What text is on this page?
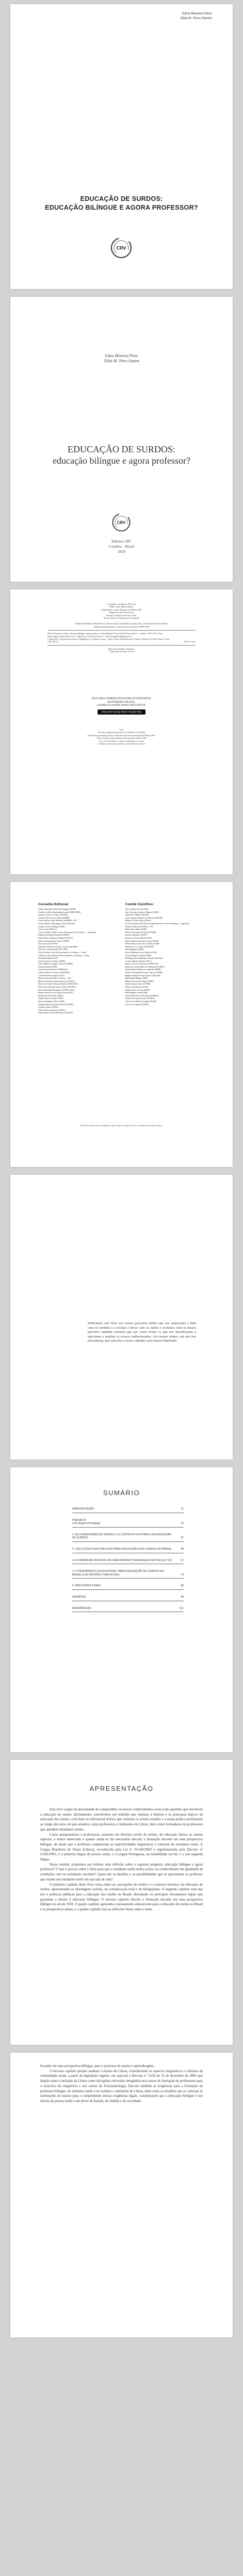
Edna Misseno Pires
Zilda M. Pires Santos
EDUCAÇÃO DE SURDOS:
EDUCAÇÃO BILÍNGUE E AGORA PROFESSOR?
CRV
Edna Misseno Pires
Zilda M. Pires Santos
EDUCAÇÃO DE SURDOS:
educação bilíngue e agora professor?
CRV
Editora CRV
Curitiba – Brasil
2019
Copyright © da Editora CRV Ltda.
Editor-chefe: Railson Moura
Diagramação e Capa: Designers da Editora CRV
Imagem da capa: Freepik.com
Revisão: Analista de Escrita e Artes
Revisão (Cap. 5): Adriana Lins de Andrade
DADOS INTERNACIONAIS DE CATALOGAÇÃO NA PUBLICAÇÃO (CIP) CATALOGAÇÃO NA FONTE
Bibliotecária Responsável: Luzenira Alves dos Santos CRB9/1506
P667 Educação de surdos: educação bilíngue e agora professor? / Edna Misseno Pires, Zilda M. Pires Santos – Curitiba : CRV, 2019. 150 p.
ISBN Digital 978-85-444-3179-4 · ISBN Físico 978-85-444-3178-7 · DOI 10.24824/978854443178.7
1. Educação 2. Educação de surdos 3. Bilinguismo 4. Língua de sinais – surdos I. Pires, Edna Misseno II. Santos, Zilda M. Pires III. Título IV. Série
CDU 376.33	CDD 371.912
Índice para catálogo sistemático
1. Educação de surdos 371.912
ESTA OBRA TAMBÉM ENCONTRA-SE DISPONÍVEL
EM FORMATO DIGITAL.
CONHEÇA E BAIXE NOSSO APLICATIVO!
Disponível na App Store | Google Play
2019
Foi feito o depósito legal conf. Lei 10.994 de 14/12/2004
Proibida a reprodução parcial ou total desta obra sem autorização da Editora CRV
Todos os direitos desta edição reservados pela: Editora CRV
Tel.: (41) 3039-6418 – E-mail: sac@editoracrv.com.br
Conheça os nossos lançamentos: www.editoracrv.com.br
Conselho Editorial:
Aldira Guimarães Duarte Domínguez (UNB)
Andréia da Silva Quintanilha Sousa (UNIR/UFRN)
Anselmo Alencar Colares (UFOPA)
Antônio Pereira Gaio Júnior (UFRRJ)
Carlos Alberto Vilar Estêvão (UMINHO – PT)
Carlos Federico Dominguez Avila (Unieuro)
Carmen Tereza Velanga (UNIR)
Celso Conti (UFSCar)
Cesar Gerónimo Tello (Univer. Nacional Três de Febrero – Argentina)
Eduardo Fernandes Barbosa (UFMG)
Elione Maria Nogueira Diogenes (UFAL)
Elizeu Clementino de Souza (UNEB)
Élsio José Corá (UFFS)
Fernando Antônio Gonçalves Alcoforado (IPB)
Francisco Carlos Duarte (PUC-PR)
Gloria Fariñas León (Universidade de La Havana – Cuba)
Guillermo Arias Beatón (Universidade de La Havana – Cuba)
Helmuth Krüger (UCP)
Jailson Alves dos Santos (UFRJ)
João Adalberto Campato Junior (UNESP)
Josania Portela (UFPI)
Leonel Severo Rocha (UNISINOS)
Lídia de Oliveira Xavier (UNIEURO)
Lourdes Helena da Silva (UFV)
Marcelo Paixão (UFRJ e UTexas – US)
Maria Cristina dos Santos Bezerra (UFSCar)
Maria de Lourdes Pinto de Almeida (UNOESC)
Maria Lília Imbiriba Sousa Colares (UFOPA)
Paulo Romualdo Hernandes (UNIFAL-MG)
Renato Francisco dos Santos Paula (UFG)
Rodrigo Pratte-Santos (UFES)
Sérgio Nunes de Jesus (IFRO)
Simone Rodrigues Pinto (UNB)
Solange Helena Ximenes-Rocha (UFOPA)
Sydione Santos (UEPG)
Tadeu Oliver Gonçalves (UFPA)
Tania Suely Azevedo Brasileiro (UFOPA)
Comitê Científico:
Altair Alberto Fávero (UPF)
Ana Chrystina Venancio Mignot (UERJ)
Andréia N. Militão (UEMS)
Anna Augusta Sampaio de Oliveira (UNESP)
Barbara Coelho Neves (UFBA)
Cesar Gerónimo Tello (Universidad Nacional de Três de Febrero – Argentina)
Diosnel Centurion (UNIDA – PY)
Eliane Rose Maio (UEM)
Elizeu Clementino de Souza (UNEB)
Fauston Negreiros (UFPI)
Francisco Ari de Andrade (UFC)
Gláucia Maria dos Santos Jorge (UFOP)
Helder Buenos Aires de Carvalho (UFPI)
Ilma Passos A. Veiga (UNICEUB)
Inês Bragança (UERJ)
José de Ribamar Sousa Pereira (UCB)
Jussara Fraga Portugal (UNEB)
Kilwangy Kya Kapitango-a-Samba (Unemat)
Lourdes Helena da Silva (UFV)
Marcos Vinicius Francisco (UNOESTE)
Maria de Lourdes Pinto de Almeida (UNOESC)
Maria Eurácia Barreto de Andrade (UFRB)
Maria Lília Imbiriba Sousa Colares (UFOPA)
Míghian Danae Ferreira Nunes (UNILAB)
Mohammed Elhajji (UFRJ)
Mônica Pereira dos Santos (UFRJ)
Najela Tavares Ujiie (UTFPR)
Nilson José Machado (USP)
Sérgio Nunes de Jesus (IFRO)
Silvia Regina Canan (URI)
Sonia Maria Ferreira Koehler (UNISAL)
Suzana dos Santos Gomes (UFMG)
Vânia Alves Martins Chaigar (FURG)
Vera Lucia Gaspar (UDESC)
Este livro passou por avaliação e aprovação às cegas de dois ou mais pareceristas ad hoc.
Dedicamos este livro aos nossos parceiros surdos que nos inspiraram a falar com os ouvintes e a escutar e trocar com os surdos e ouvintes; com os nossos parceiros também ouvintes que por vezes foram os que nos incentivaram a aproximar e ampliar os nossos conhecimentos. Aos nossos alunos, aos que nos precederam, que sem eles o nosso caminho seria menos iluminado.
SUMÁRIO
APRESENTAÇÃO	11
PREFÁCIO
Liria Megumi Kamigauti	15
1. AS CONCEPÇÕES DE SURDEZ E O CONTEXTO HISTÓRICO DA EDUCAÇÃO DE SURDOS	21
2. LEIS E POLÍTICAS PÚBLICAS PARA A EDUCAÇÃO DOS SURDOS NO BRASIL	39
3. A FORMAÇÃO DOCENTE EM UMA PERSPECTIVA BILÍNGUE NO SÉCULO XXI	57
4. O PENSAMENTO EDUCACIONAL PARA A EDUCAÇÃO DE SURDOS NO BRASIL E AS PERSPECTIVAS ATUAIS	79
5. REFLEXÕES FINAIS	95
APÊNDICE	99
REFERÊNCIAS	121
APRESENTAÇÃO

Este livro surgiu da necessidade de compartilhar os nossos conhecimentos acerca das questões que envolvem a educação de surdos. Inicialmente, concebemos um trabalho que reunisse a história e os principais marcos da educação dos surdos, com base no referencial teórico que orientou os nossos estudos e a nossa prática profissional ao longo dos anos em que atuamos como professoras e intérpretes de Libras, bem como formadoras de professores que atendem estudantes surdos.

Como pesquisadoras e professoras, atuamos em diversos níveis de ensino, da educação básica ao ensino superior, e temos observado o quanto ainda se faz necessário discutir a formação docente em uma perspectiva bilíngue, de modo que o professor compreenda as especificidades linguísticas e culturais do estudante surdo. A Língua Brasileira de Sinais (Libras), reconhecida pela Lei nº 10.436/2002 e regulamentada pelo Decreto nº 5.626/2005, é a primeira língua da pessoa surda, e a Língua Portuguesa, na modalidade escrita, é a sua segunda língua.

Nesse sentido, propomos aos leitores uma reflexão sobre a seguinte pergunta: educação bilíngue e agora professor? O que é preciso saber e fazer para que o estudante surdo tenha acesso ao conhecimento em igualdade de condições com os estudantes ouvintes? Quais são os desafios e as possibilidades que se apresentam ao professor que recebe um estudante surdo em sua sala de aula?

O primeiro capítulo deste livro versa sobre as concepções de surdez e o contexto histórico da educação de surdos, apresentando as abordagens oralista, da comunicação total e do bilinguismo. O segundo capítulo trata das leis e políticas públicas para a educação dos surdos no Brasil, abordando os principais documentos legais que garantem o direito à educação bilíngue. O terceiro capítulo discute a formação docente em uma perspectiva bilíngue no século XXI. O quarto capítulo apresenta o pensamento educacional para a educação de surdos no Brasil e as perspectivas atuais, e o quinto capítulo traz as reflexões finais sobre o tema.

focando em uma perspectiva bilíngue, para o processo de ensino e aprendizagem.

O terceiro capítulo propõe analisar o ensino de Libras, considerando os aspectos linguísticos e culturais da comunidade surda, a partir da legislação vigente, em especial o Decreto nº 5.626 de 22 de dezembro de 2005 que dispõe sobre a inclusão da Libras como disciplina curricular obrigatória nos cursos de formação de professores para o exercício do magistério e nos cursos de Fonoaudiologia. Discute também as exigências para a formação do professor bilíngue, do instrutor surdo e do tradutor e intérprete de Libras, bem como os desafios que se colocam às instituições de ensino para o cumprimento dessas exigências legais, considerando que a educação bilíngue é um direito da pessoa surda e um dever do Estado, da família e da sociedade.
